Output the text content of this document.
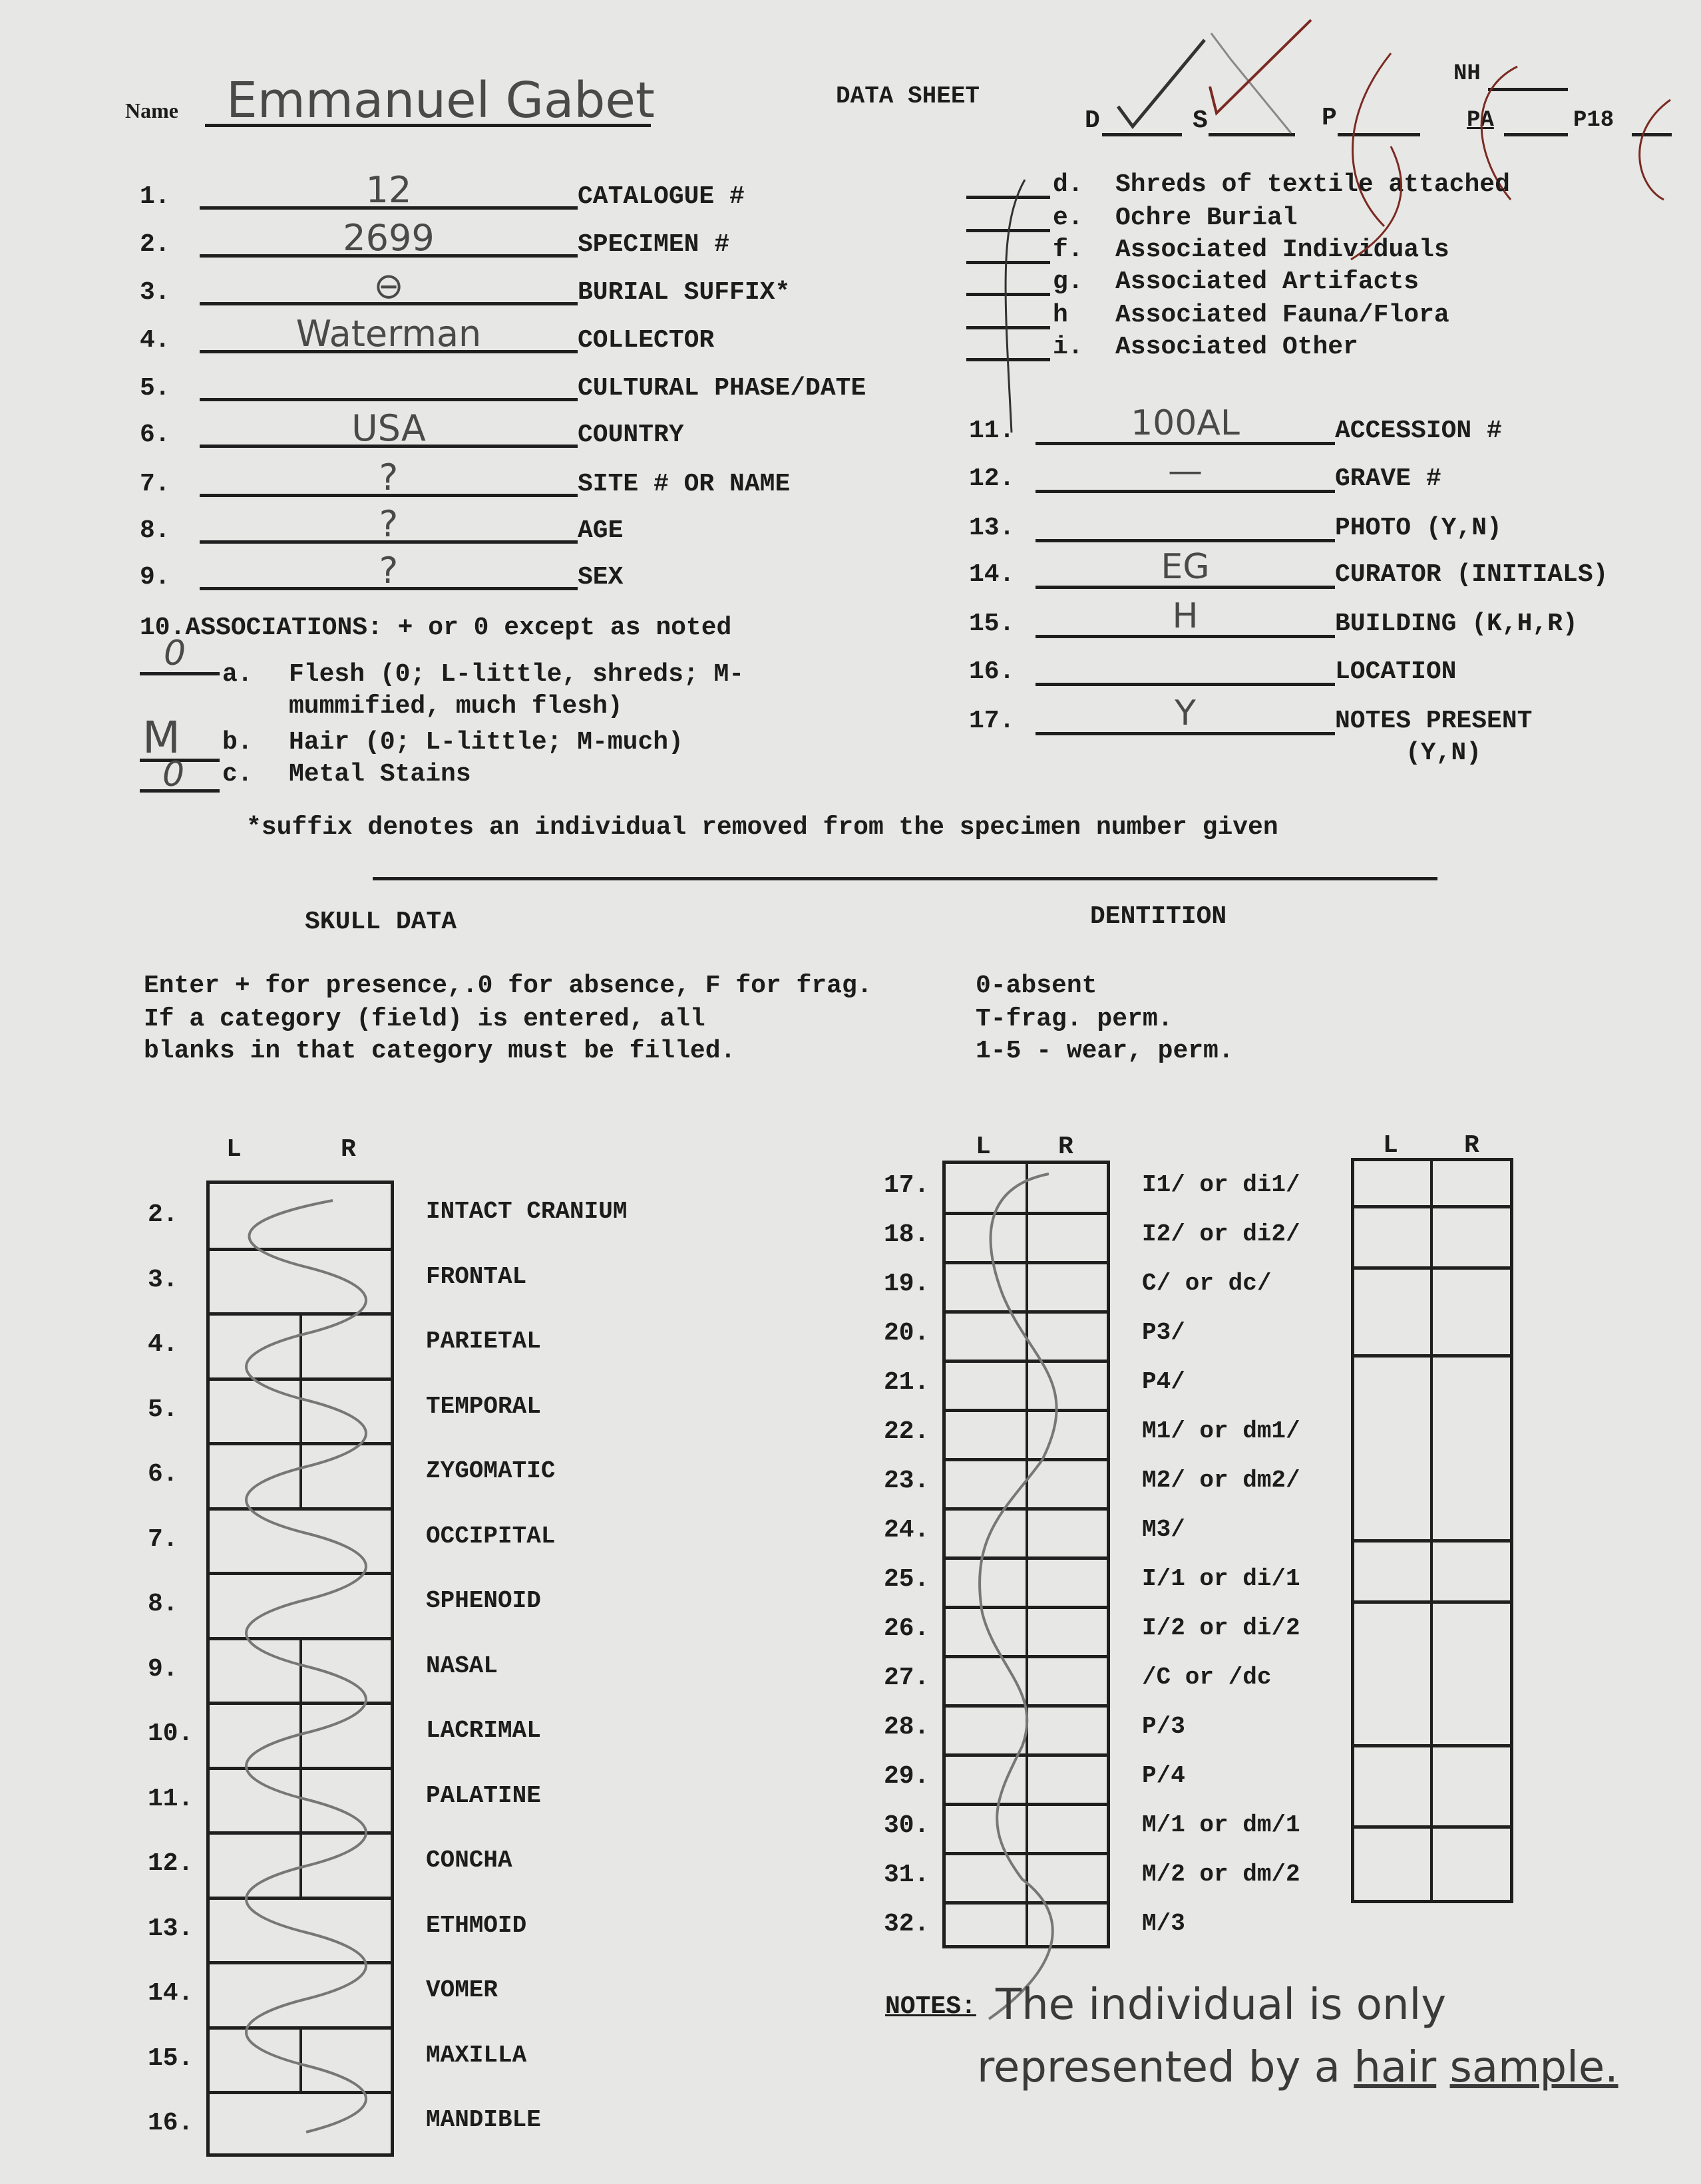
Name Emmanuel Gabet	DATA SHEET
D	S	P
NH
PA	P18
1.	12	CATALOGUE #
2.	2699	SPECIMEN #
3.	⊖	BURIAL SUFFIX*
4.	Waterman	COLLECTOR
5.	CULTURAL PHASE/DATE
6.	USA	COUNTRY
7.	?	SITE # OR NAME
8.	?	AGE
9.	?	SEX
10.ASSOCIATIONS: + or 0 except as noted
0
a. Flesh (0; L-little, shreds; M-
mummified, much flesh)
M b. Hair (0; L-little; M-much)
0 c. Metal Stains
d. Shreds of textile attached
e. Ochre Burial
f. Associated Individuals
g. Associated Artifacts
h Associated Fauna/Flora
i. Associated Other
11.	100AL	ACCESSION #
12.	—	GRAVE #
13.	PHOTO (Y,N)
14.	EG	CURATOR (INITIALS)
15.	H	BUILDING (K,H,R)
16.	LOCATION
17.	Y	NOTES PRESENT
(Y,N)
*suffix denotes an individual removed from the specimen number given
SKULL DATA
Enter + for presence,.0 for absence, F for frag.
If a category (field) is entered, all
blanks in that category must be filled.
L	R
2.	INTACT CRANIUM
3.	FRONTAL
4.	PARIETAL
5.	TEMPORAL
6.	ZYGOMATIC
7.	OCCIPITAL
8.	SPHENOID
9.	NASAL
10.	LACRIMAL
11.	PALATINE
12.	CONCHA
13.	ETHMOID
14.	VOMER
15.	MAXILLA
16.	MANDIBLE
DENTITION
0-absent
T-frag. perm.
1-5 - wear, perm.
L	R	L	R
17.	I1/ or di1/
18.	I2/ or di2/
19.	C/ or dc/
20.	P3/
21.	P4/
22.	M1/ or dm1/
23.	M2/ or dm2/
24.	M3/
25.	I/1 or di/1
26.	I/2 or di/2
27.	/C or /dc
28.	P/3
29.	P/4
30.	M/1 or dm/1
31.	M/2 or dm/2
32.	M/3
NOTES: The individual is only
represented by a hair sample.
